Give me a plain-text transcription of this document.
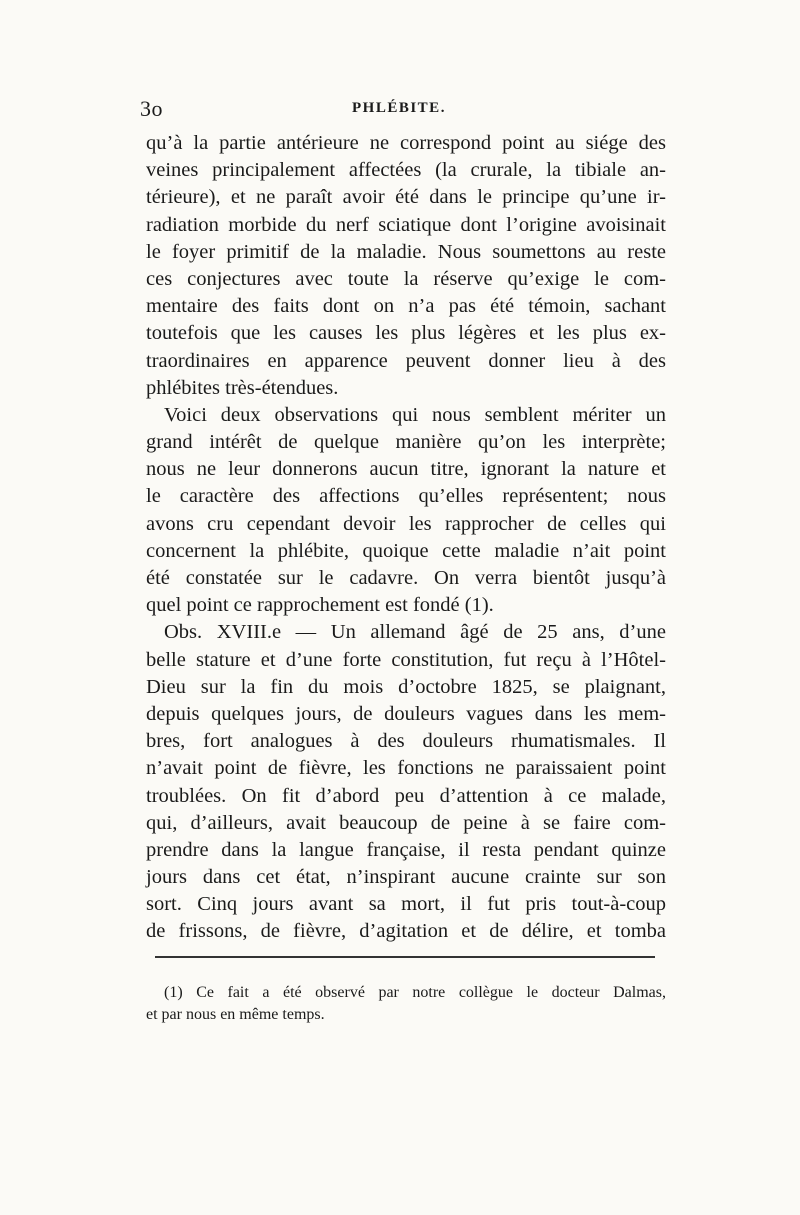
3o	PHLÉBITE.
qu’à la partie antérieure ne correspond point au siége des
veines principalement affectées (la crurale, la tibiale an-
térieure), et ne paraît avoir été dans le principe qu’une ir-
radiation morbide du nerf sciatique dont l’origine avoisinait
le foyer primitif de la maladie. Nous soumettons au reste
ces conjectures avec toute la réserve qu’exige le com-
mentaire des faits dont on n’a pas été témoin, sachant
toutefois que les causes les plus légères et les plus ex-
traordinaires en apparence peuvent donner lieu à des
phlébites très-étendues.
Voici deux observations qui nous semblent mériter un
grand intérêt de quelque manière qu’on les interprète;
nous ne leur donnerons aucun titre, ignorant la nature et
le caractère des affections qu’elles représentent; nous
avons cru cependant devoir les rapprocher de celles qui
concernent la phlébite, quoique cette maladie n’ait point
été constatée sur le cadavre. On verra bientôt jusqu’à
quel point ce rapprochement est fondé (1).
Obs. XVIII.e — Un allemand âgé de 25 ans, d’une
belle stature et d’une forte constitution, fut reçu à l’Hôtel-
Dieu sur la fin du mois d’octobre 1825, se plaignant,
depuis quelques jours, de douleurs vagues dans les mem-
bres, fort analogues à des douleurs rhumatismales. Il
n’avait point de fièvre, les fonctions ne paraissaient point
troublées. On fit d’abord peu d’attention à ce malade,
qui, d’ailleurs, avait beaucoup de peine à se faire com-
prendre dans la langue française, il resta pendant quinze
jours dans cet état, n’inspirant aucune crainte sur son
sort. Cinq jours avant sa mort, il fut pris tout-à-coup
de frissons, de fièvre, d’agitation et de délire, et tomba
(1) Ce fait a été observé par notre collègue le docteur Dalmas,
et par nous en même temps.
